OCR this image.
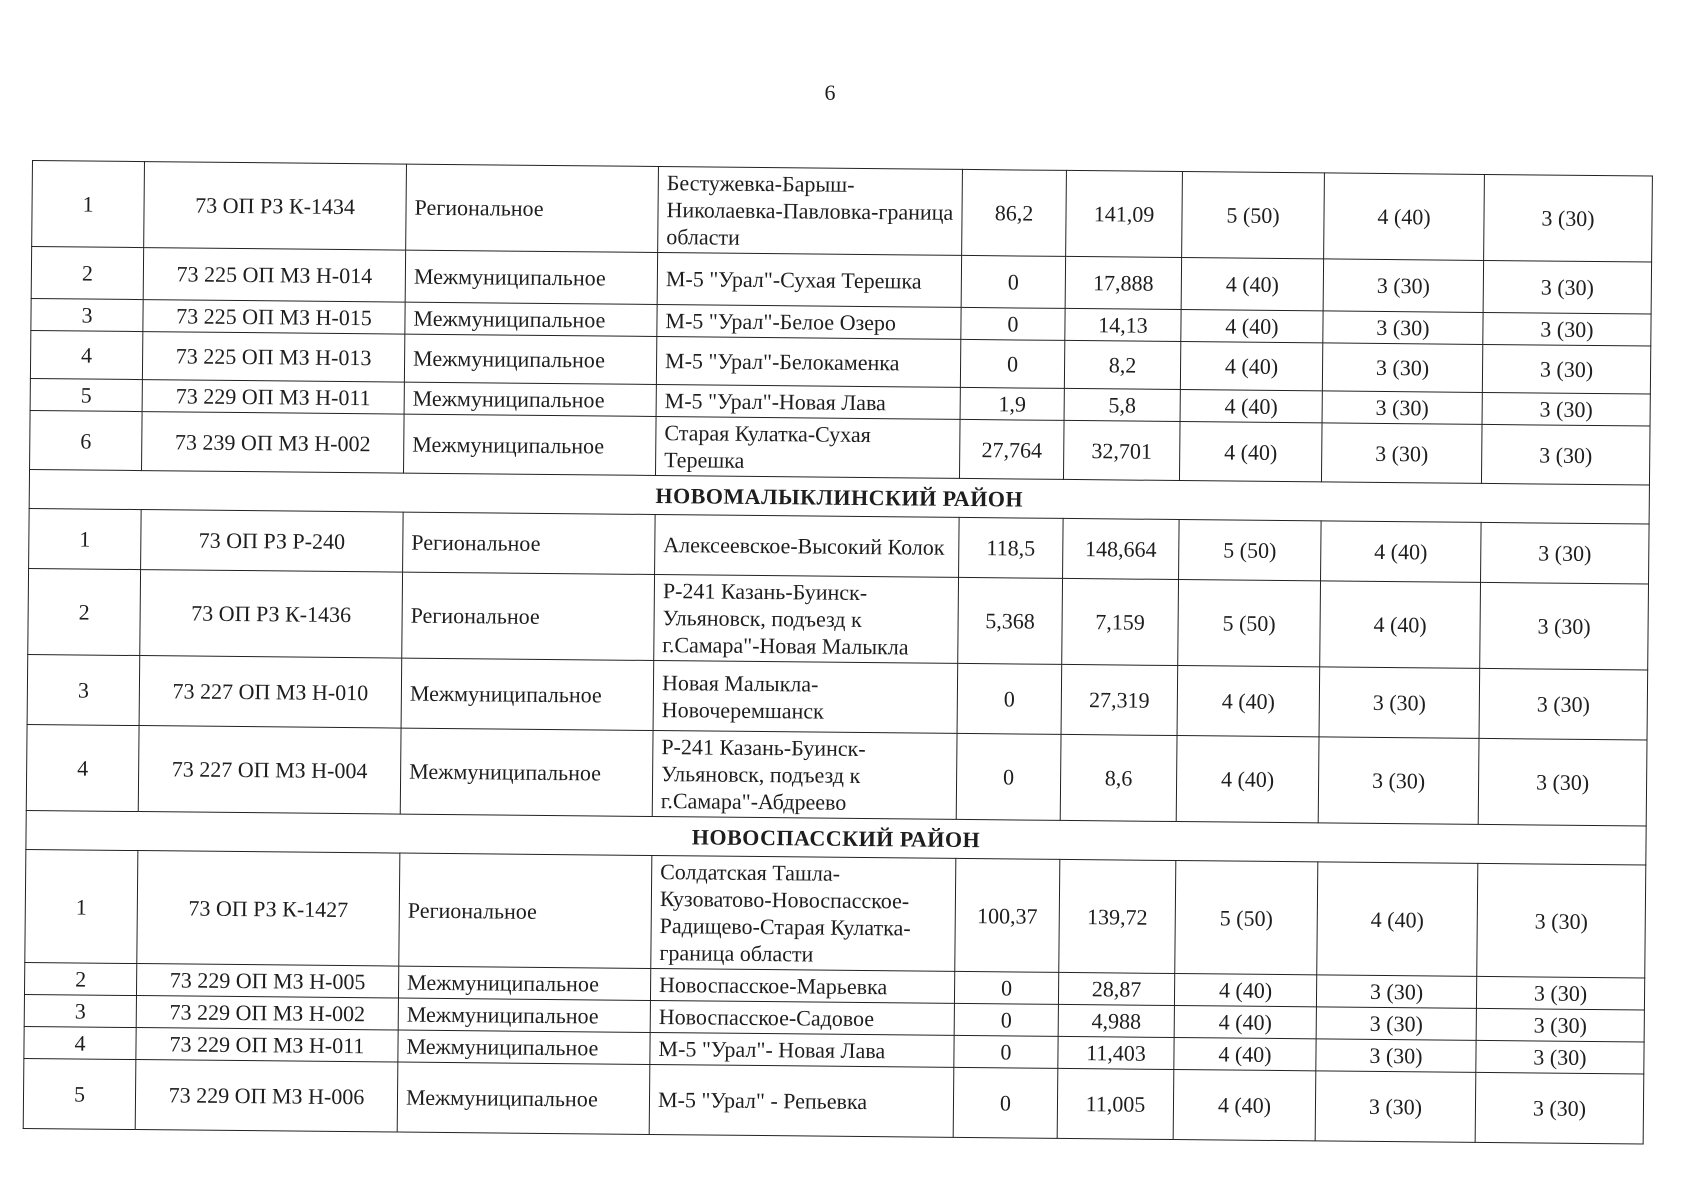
6
1	73 ОП РЗ К-1434	Региональное	Бестужевка-Барыш-Николаевка-Павловка-граница области	86,2	141,09	5 (50)	4 (40)	3 (30)
2	73 225 ОП МЗ Н-014	Межмуниципальное	М-5 "Урал"-Сухая Терешка	0	17,888	4 (40)	3 (30)	3 (30)
3	73 225 ОП МЗ Н-015	Межмуниципальное	М-5 "Урал"-Белое Озеро	0	14,13	4 (40)	3 (30)	3 (30)
4	73 225 ОП МЗ Н-013	Межмуниципальное	М-5 "Урал"-Белокаменка	0	8,2	4 (40)	3 (30)	3 (30)
5	73 229 ОП МЗ Н-011	Межмуниципальное	М-5 "Урал"-Новая Лава	1,9	5,8	4 (40)	3 (30)	3 (30)
6	73 239 ОП МЗ Н-002	Межмуниципальное	Старая Кулатка-Сухая Терешка	27,764	32,701	4 (40)	3 (30)	3 (30)
НОВОМАЛЫКЛИНСКИЙ РАЙОН								
1	73 ОП РЗ Р-240	Региональное	Алексеевское-Высокий Колок	118,5	148,664	5 (50)	4 (40)	3 (30)
2	73 ОП РЗ К-1436	Региональное	Р-241 Казань-Буинск-Ульяновск, подъезд к г.Самара"-Новая Малыкла	5,368	7,159	5 (50)	4 (40)	3 (30)
3	73 227 ОП МЗ Н-010	Межмуниципальное	Новая Малыкла-Новочеремшанск	0	27,319	4 (40)	3 (30)	3 (30)
4	73 227 ОП МЗ Н-004	Межмуниципальное	Р-241 Казань-Буинск-Ульяновск, подъезд к г.Самара"-Абдреево	0	8,6	4 (40)	3 (30)	3 (30)
НОВОСПАССКИЙ РАЙОН								
1	73 ОП РЗ К-1427	Региональное	Солдатская Ташла-Кузоватово-Новоспасское-Радищево-Старая Кулатка-граница области	100,37	139,72	5 (50)	4 (40)	3 (30)
2	73 229 ОП МЗ Н-005	Межмуниципальное	Новоспасское-Марьевка	0	28,87	4 (40)	3 (30)	3 (30)
3	73 229 ОП МЗ Н-002	Межмуниципальное	Новоспасское-Садовое	0	4,988	4 (40)	3 (30)	3 (30)
4	73 229 ОП МЗ Н-011	Межмуниципальное	М-5 "Урал"- Новая Лава	0	11,403	4 (40)	3 (30)	3 (30)
5	73 229 ОП МЗ Н-006	Межмуниципальное	М-5 "Урал" - Репьевка	0	11,005	4 (40)	3 (30)	3 (30)
